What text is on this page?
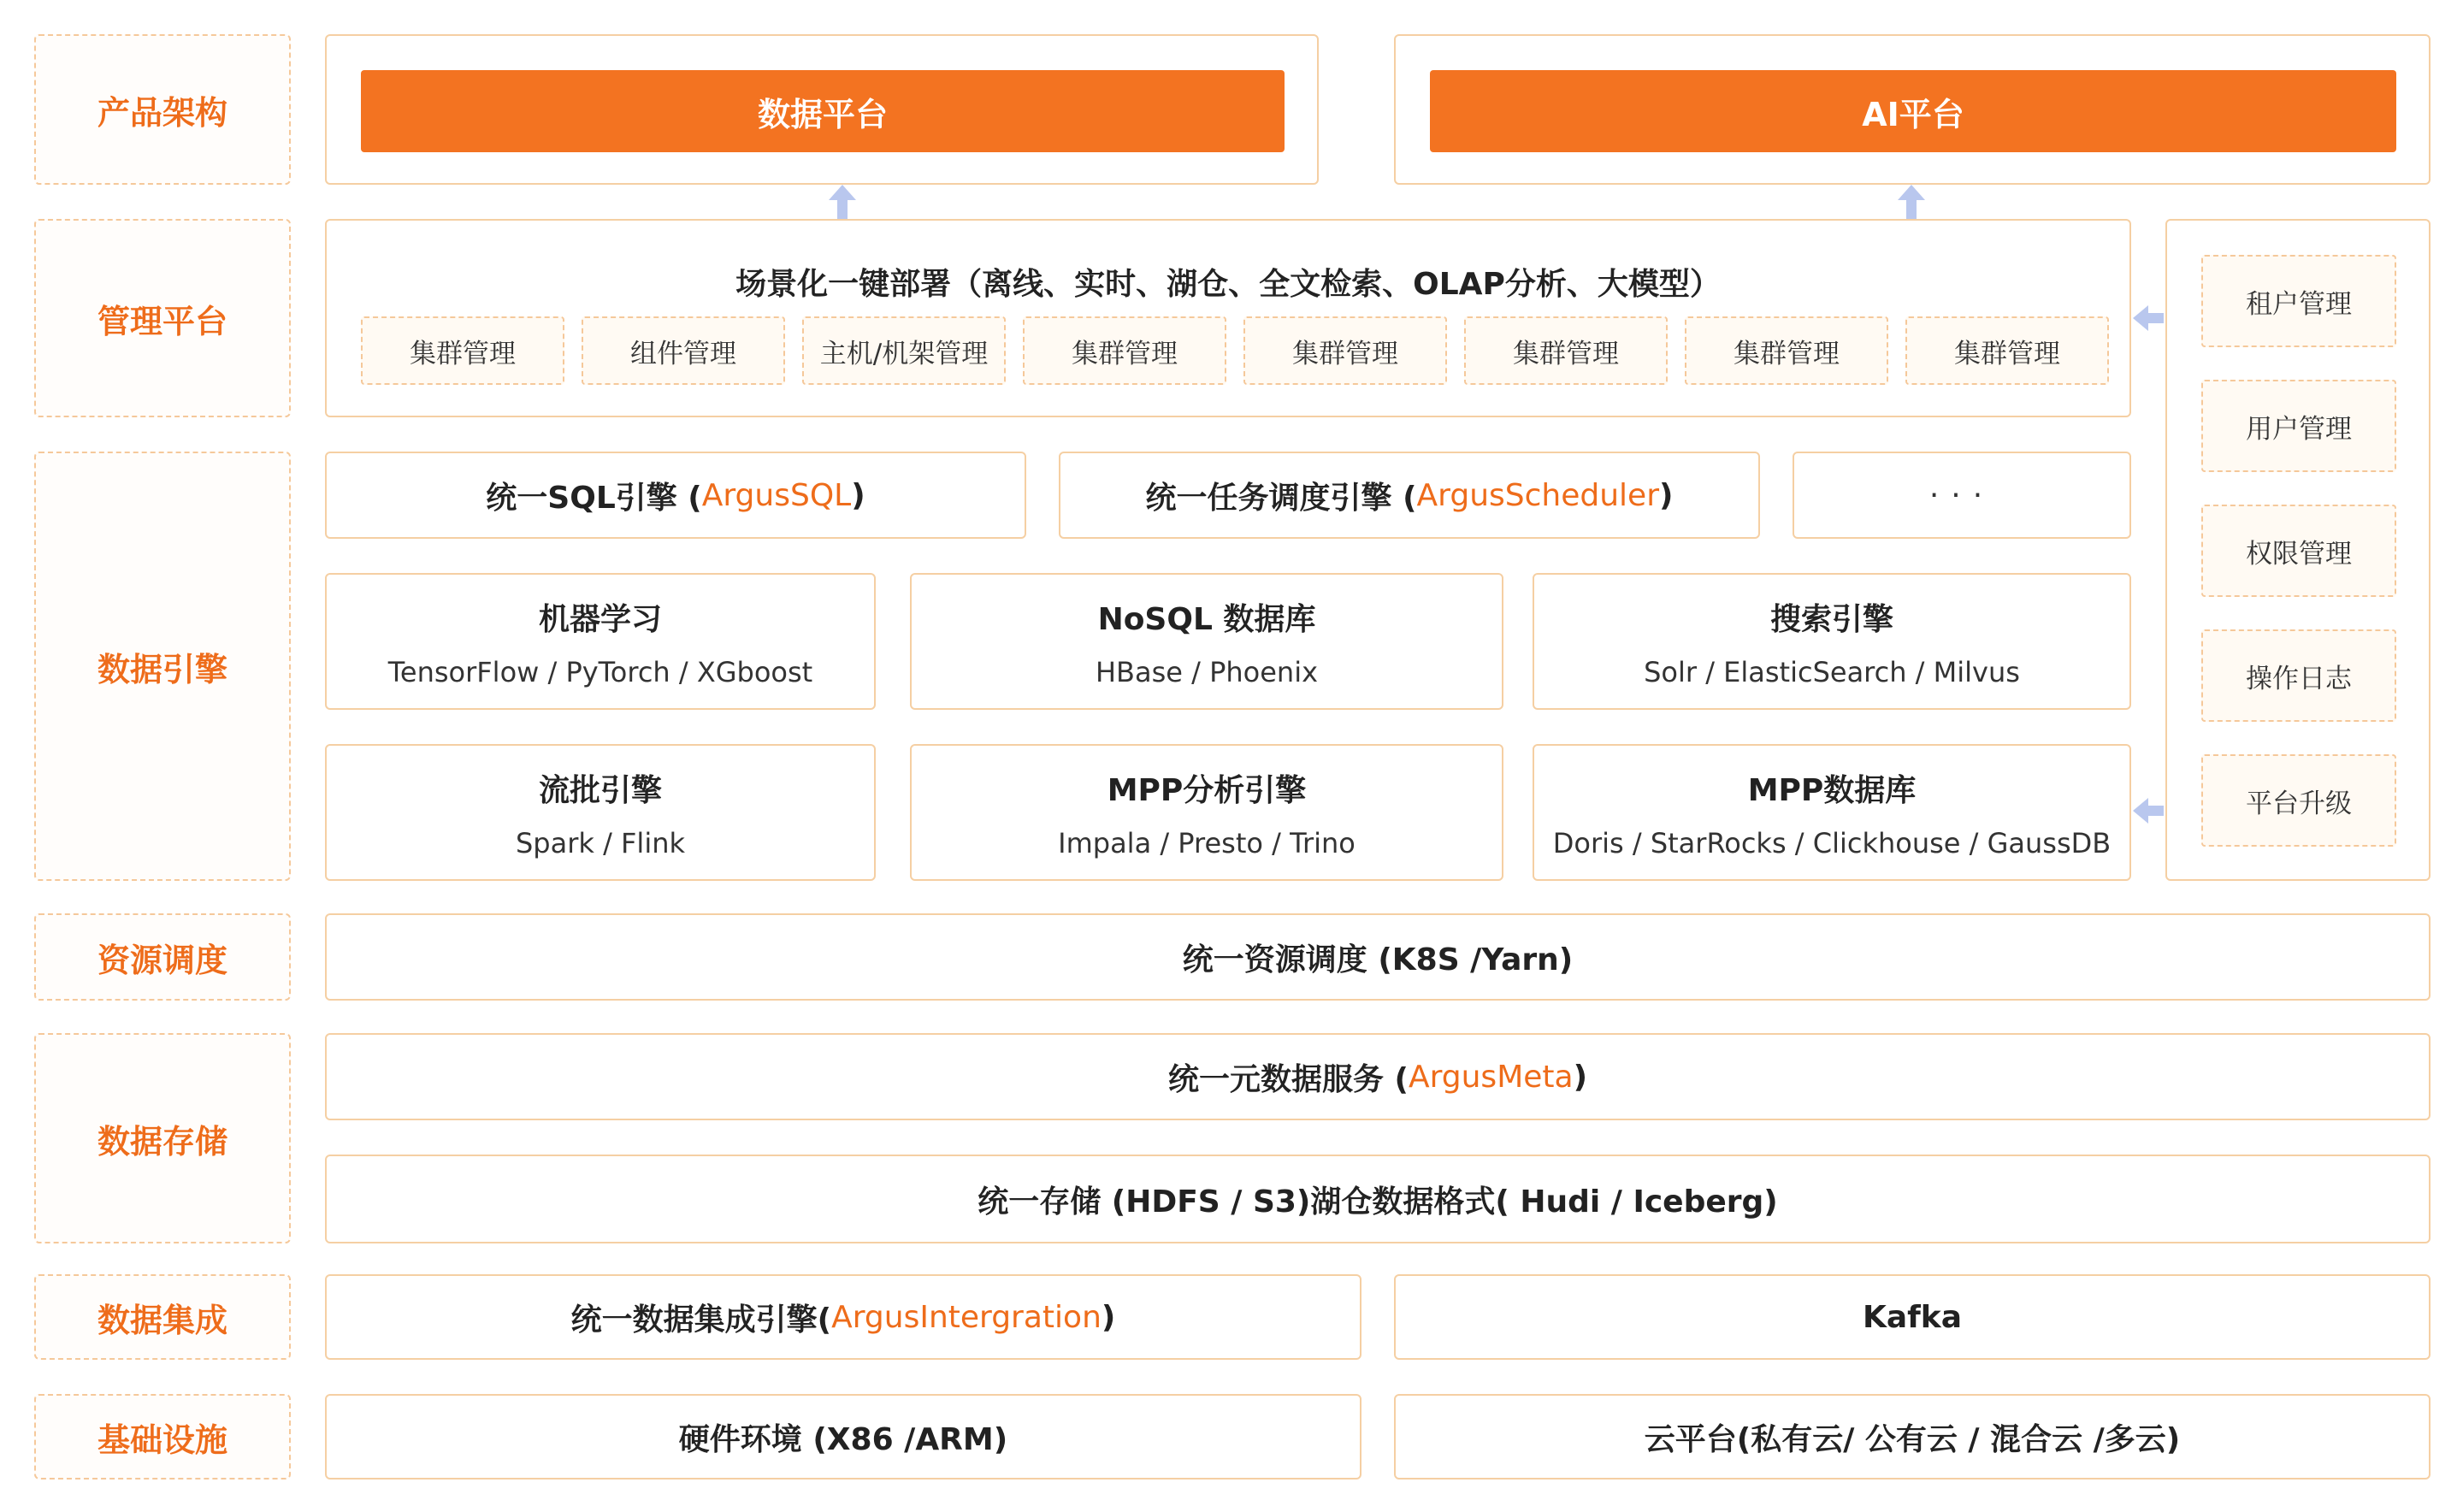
产品架构
管理平台
数据引擎
资源调度
数据存储
数据集成
基础设施
数据平台	AI平台
场景化一键部署（离线、实时、湖仓、全文检索、OLAP分析、大模型）
集群管理	组件管理	主机/机架管理	集群管理	集群管理	集群管理	集群管理	集群管理
租户管理
用户管理
权限管理
操作日志
平台升级
统一SQL引擎 ( ArgusSQL )	统一任务调度引擎 ( ArgusScheduler )	···
机器学习
TensorFlow / PyTorch / XGboost
NoSQL 数据库
HBase / Phoenix
搜索引擎
Solr / ElasticSearch / Milvus
流批引擎
Spark / Flink
MPP分析引擎
Impala / Presto / Trino
MPP数据库
Doris / StarRocks / Clickhouse / GaussDB
统一资源调度 (K8S /Yarn)
统一元数据服务 ( ArgusMeta )
统一存储 (HDFS / S3)湖仓数据格式( Hudi / Iceberg)
统一数据集成引擎( ArgusIntergration )	Kafka
硬件环境 (X86 /ARM)	云平台(私有云/ 公有云 / 混合云 /多云)
